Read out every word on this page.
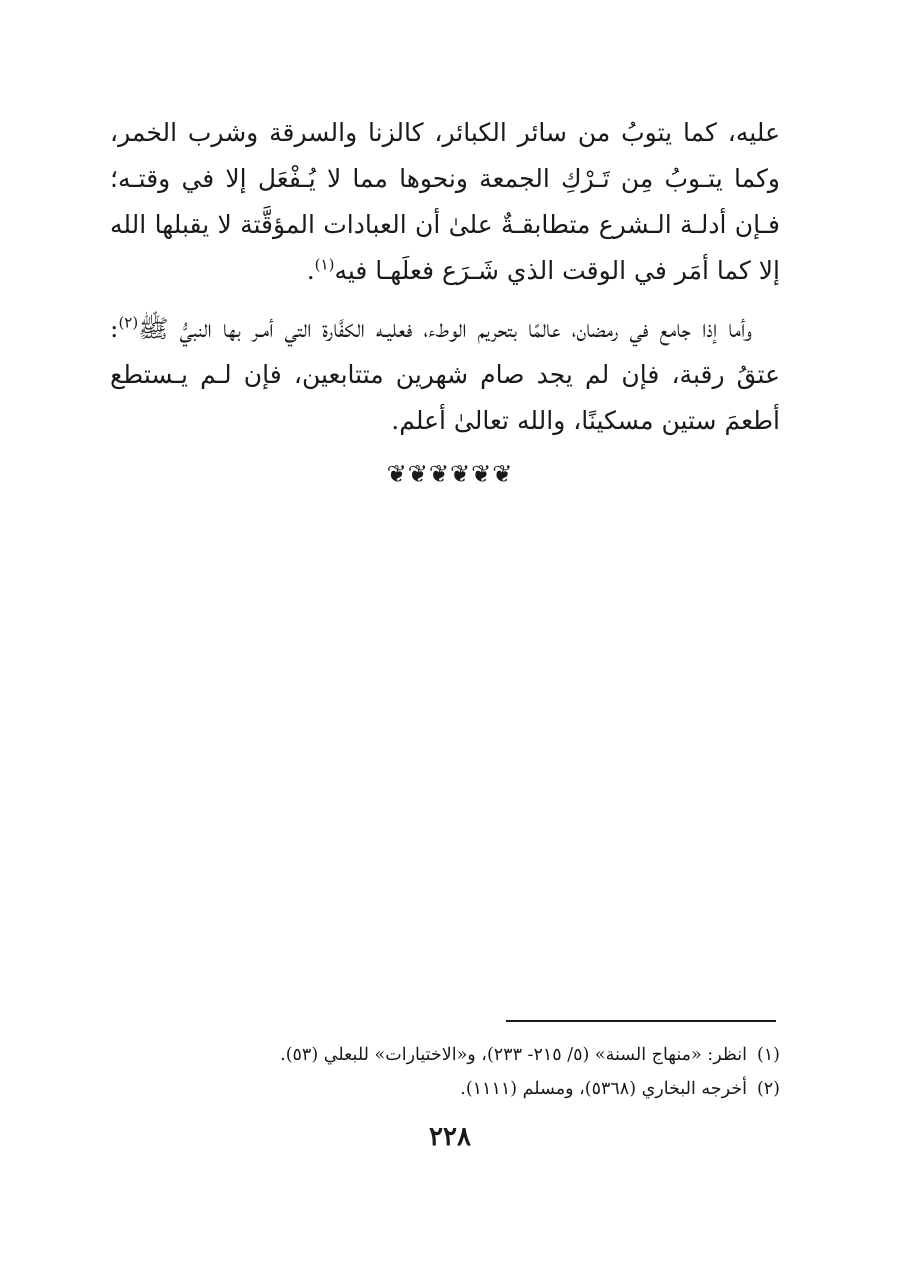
عليه، كما يتوبُ من سائر الكبائر، كالزنا والسرقة وشرب الخمر، وكما يتـوبُ مِن تَـرْكِ الجمعة ونحوها مما لا يُـفْعَل إلا في وقتـه؛ فـإن أدلـة الـشرع متطابقـةٌ علىٰ أن العبادات المؤقَّتة لا يقبلها الله إلا كما أمَر في الوقت الذي شَـرَع فعلَهـا فيه$^{(١)}$.

وأما إذا جامع في رمضان، عالمًا بتحريم الوطء، فعليـه الكفَّارة التي أمـر بها النبيُّ ﷺ$^{(٢)}$: عتقُ رقبة، فإن لم يجد صام شهرين متتابعين، فإن لـم يـستطع أطعمَ ستين مسكينًا، والله تعالىٰ أعلم.

❦❦❦❦❦❦

(١)انظر: «منهاج السنة» (٥/ ٢١٥- ٢٣٣)، و«الاختيارات» للبعلي (٥٣).

(٢)أخرجه البخاري (٥٣٦٨)، ومسلم (١١١١).

٢٢٨
